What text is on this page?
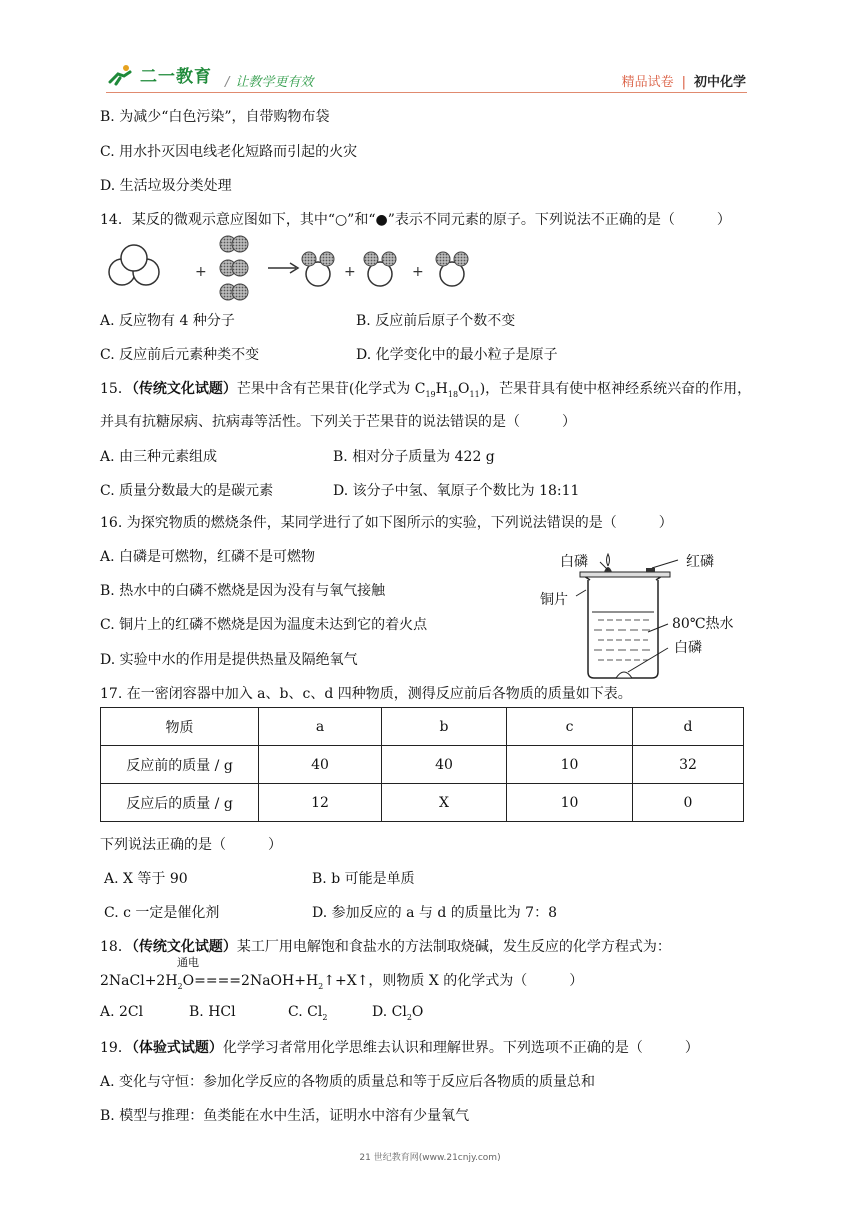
二一教育 / 让教学更有效	精品试卷 | 初中化学
B. 为减少“白色污染”，自带购物布袋
C. 用水扑灭因电线老化短路而引起的火灾
D. 生活垃圾分类处理
14．某反的微观示意应图如下，其中“○”和“●”表示不同元素的原子。下列说法不正确的是（　　　）
+	+	+
A. 反应物有 4 种分子	B. 反应前后原子个数不变
C. 反应前后元素种类不变	D. 化学变化中的最小粒子是原子
15．（传统文化试题）芒果中含有芒果苷(化学式为 $C_{19}H_{18}O_{11}$)，芒果苷具有使中枢神经系统兴奋的作用，
并具有抗糖尿病、抗病毒等活性。下列关于芒果苷的说法错误的是（　　　）
A. 由三种元素组成	B. 相对分子质量为 422 g
C. 质量分数最大的是碳元素	D. 该分子中氢、氧原子个数比为 18:11
16. 为探究物质的燃烧条件，某同学进行了如下图所示的实验，下列说法错误的是（　　　）
A. 白磷是可燃物，红磷不是可燃物
B. 热水中的白磷不燃烧是因为没有与氧气接触
C. 铜片上的红磷不燃烧是因为温度未达到它的着火点
D. 实验中水的作用是提供热量及隔绝氧气
白磷	红磷
铜片
80℃热水
白磷
17. 在一密闭容器中加入 a、b、c、d 四种物质，测得反应前后各物质的质量如下表。
物质	a	b	c	d
反应前的质量 / g	40	40	10	32
反应后的质量 / g	12	X	10	0
下列说法正确的是（　　　）
A. X 等于 90	B. b 可能是单质
C. c 一定是催化剂	D. 参加反应的 a 与 d 的质量比为 7：8
18．（传统文化试题）某工厂用电解饱和食盐水的方法制取烧碱，发生反应的化学方程式为：
通电
$2NaCl+2H_2O====2NaOH+H_2↑+X↑$，则物质 X 的化学式为（　　　）
A. 2Cl	B. HCl	C. $Cl_2$	D. $Cl_2O$
19．（体验式试题）化学学习者常用化学思维去认识和理解世界。下列选项不正确的是（　　　）
A. 变化与守恒：参加化学反应的各物质的质量总和等于反应后各物质的质量总和
B. 模型与推理：鱼类能在水中生活，证明水中溶有少量氧气
21 世纪教育网(www.21cnjy.com)
